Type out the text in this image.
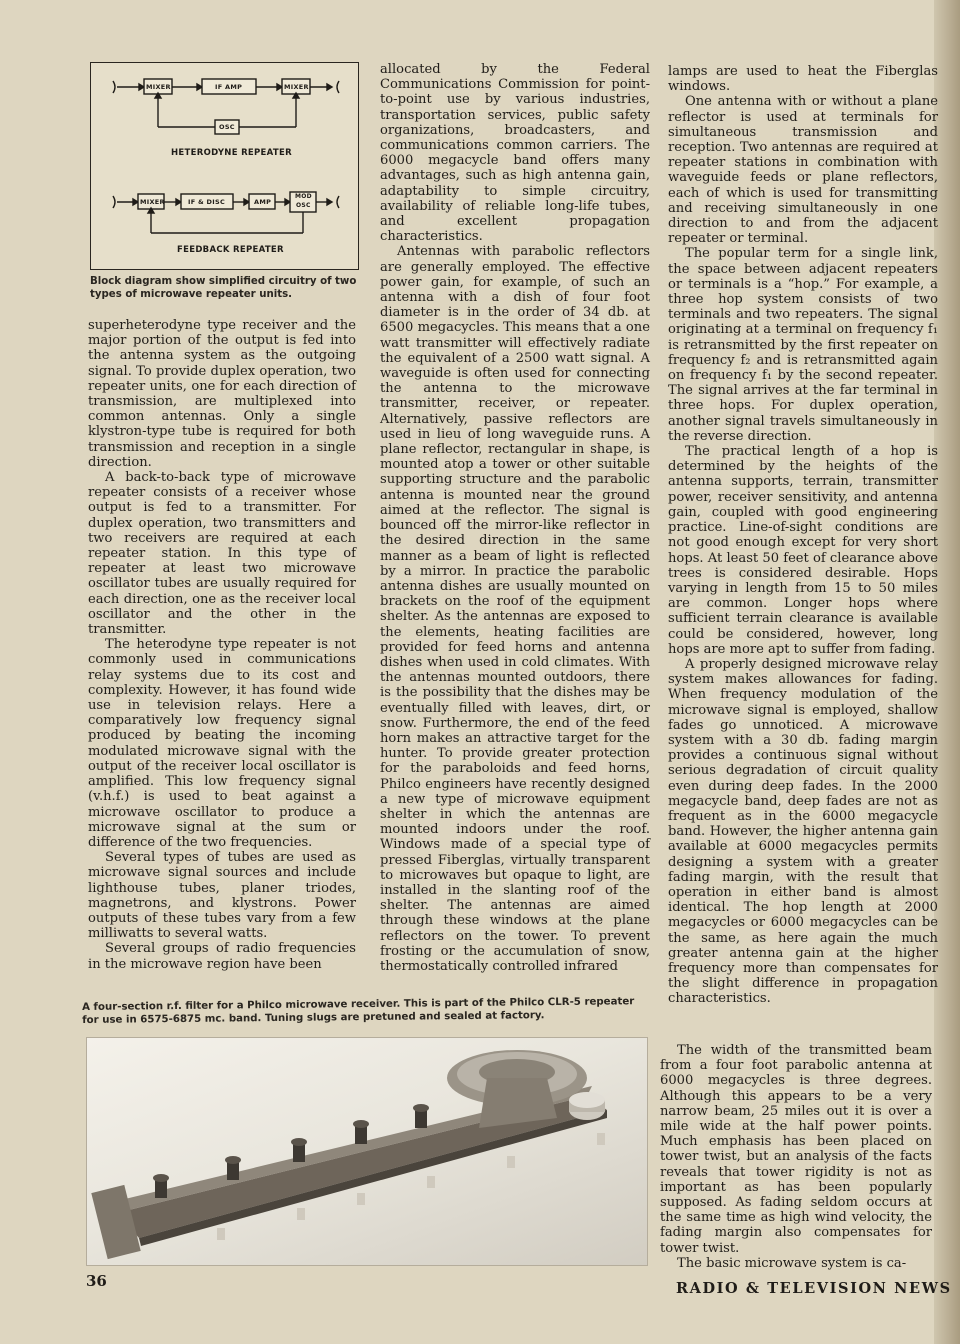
MIXER	IF AMP	MIXER
OSC
HETERODYNE REPEATER
MIXER	IF & DISC	AMP
MOD
OSC
FEEDBACK REPEATER
Block diagram show simplified circuitry of two types of microwave repeater units.

superheterodyne type receiver and the major portion of the output is fed into the antenna system as the outgoing signal. To provide duplex operation, two repeater units, one for each direction of transmission, are multiplexed into common antennas. Only a single klystron-type tube is required for both transmission and reception in a single direction.

A back-to-back type of microwave repeater consists of a receiver whose output is fed to a transmitter. For duplex operation, two transmitters and two receivers are required at each repeater station. In this type of repeater at least two microwave oscillator tubes are usually required for each direction, one as the receiver local oscillator and the other in the transmitter.

The heterodyne type repeater is not commonly used in communications relay systems due to its cost and complexity. However, it has found wide use in television relays. Here a comparatively low frequency signal produced by beating the incoming modulated microwave signal with the output of the receiver local oscillator is amplified. This low frequency signal (v.h.f.) is used to beat against a microwave oscillator to produce a microwave signal at the sum or difference of the two frequencies.

Several types of tubes are used as microwave signal sources and include lighthouse tubes, planer triodes, magnetrons, and klystrons. Power outputs of these tubes vary from a few milliwatts to several watts.

Several groups of radio frequencies in the microwave region have been

allocated by the Federal Communications Commission for point-to-point use by various industries, transportation services, public safety organizations, broadcasters, and communications common carriers. The 6000 megacycle band offers many advantages, such as high antenna gain, adaptability to simple circuitry, availability of reliable long-life tubes, and excellent propagation characteristics.

Antennas with parabolic reflectors are generally employed. The effective power gain, for example, of such an antenna with a dish of four foot diameter is in the order of 34 db. at 6500 megacycles. This means that a one watt transmitter will effectively radiate the equivalent of a 2500 watt signal. A waveguide is often used for connecting the antenna to the microwave transmitter, receiver, or repeater. Alternatively, passive reflectors are used in lieu of long waveguide runs. A plane reflector, rectangular in shape, is mounted atop a tower or other suitable supporting structure and the parabolic antenna is mounted near the ground aimed at the reflector. The signal is bounced off the mirror-like reflector in the desired direction in the same manner as a beam of light is reflected by a mirror. In practice the parabolic antenna dishes are usually mounted on brackets on the roof of the equipment shelter. As the antennas are exposed to the elements, heating facilities are provided for feed horns and antenna dishes when used in cold climates. With the antennas mounted outdoors, there is the possibility that the dishes may be eventually filled with leaves, dirt, or snow. Furthermore, the end of the feed horn makes an attractive target for the hunter. To provide greater protection for the paraboloids and feed horns, Philco engineers have recently designed a new type of microwave equipment shelter in which the antennas are mounted indoors under the roof. Windows made of a special type of pressed Fiberglas, virtually transparent to microwaves but opaque to light, are installed in the slanting roof of the shelter. The antennas are aimed through these windows at the plane reflectors on the tower. To prevent frosting or the accumulation of snow, thermostatically controlled infrared

lamps are used to heat the Fiberglas windows.

One antenna with or without a plane reflector is used at terminals for simultaneous transmission and reception. Two antennas are required at repeater stations in combination with waveguide feeds or plane reflectors, each of which is used for transmitting and receiving simultaneously in one direction to and from the adjacent repeater or terminal.

The popular term for a single link, the space between adjacent repeaters or terminals is a “hop.” For example, a three hop system consists of two terminals and two repeaters. The signal originating at a terminal on frequency f₁ is retransmitted by the first repeater on frequency f₂ and is retransmitted again on frequency f₁ by the second repeater. The signal arrives at the far terminal in three hops. For duplex operation, another signal travels simultaneously in the reverse direction.

The practical length of a hop is determined by the heights of the antenna supports, terrain, transmitter power, receiver sensitivity, and antenna gain, coupled with good engineering practice. Line-of-sight conditions are not good enough except for very short hops. At least 50 feet of clearance above trees is considered desirable. Hops varying in length from 15 to 50 miles are common. Longer hops where sufficient terrain clearance is available could be considered, however, long hops are more apt to suffer from fading.

A properly designed microwave relay system makes allowances for fading. When frequency modulation of the microwave signal is employed, shallow fades go unnoticed. A microwave system with a 30 db. fading margin provides a continuous signal without serious degradation of circuit quality even during deep fades. In the 2000 megacycle band, deep fades are not as frequent as in the 6000 megacycle band. However, the higher antenna gain available at 6000 megacycles permits designing a system with a greater fading margin, with the result that operation in either band is almost identical. The hop length at 2000 megacycles or 6000 megacycles can be the same, as here again the much greater antenna gain at the higher frequency more than compensates for the slight difference in propagation characteristics.

The width of the transmitted beam from a four foot parabolic antenna at 6000 megacycles is three degrees. Although this appears to be a very narrow beam, 25 miles out it is over a mile wide at the half power points. Much emphasis has been placed on tower twist, but an analysis of the facts reveals that tower rigidity is not as important as has been popularly supposed. As fading seldom occurs at the same time as high wind velocity, the fading margin also compensates for tower twist.

The basic microwave system is ca-

A four-section r.f. filter for a Philco microwave receiver. This is part of the Philco CLR-5 repeater for use in 6575-6875 mc. band. Tuning slugs are pretuned and sealed at factory.
36	RADIO & TELEVISION NEWS
